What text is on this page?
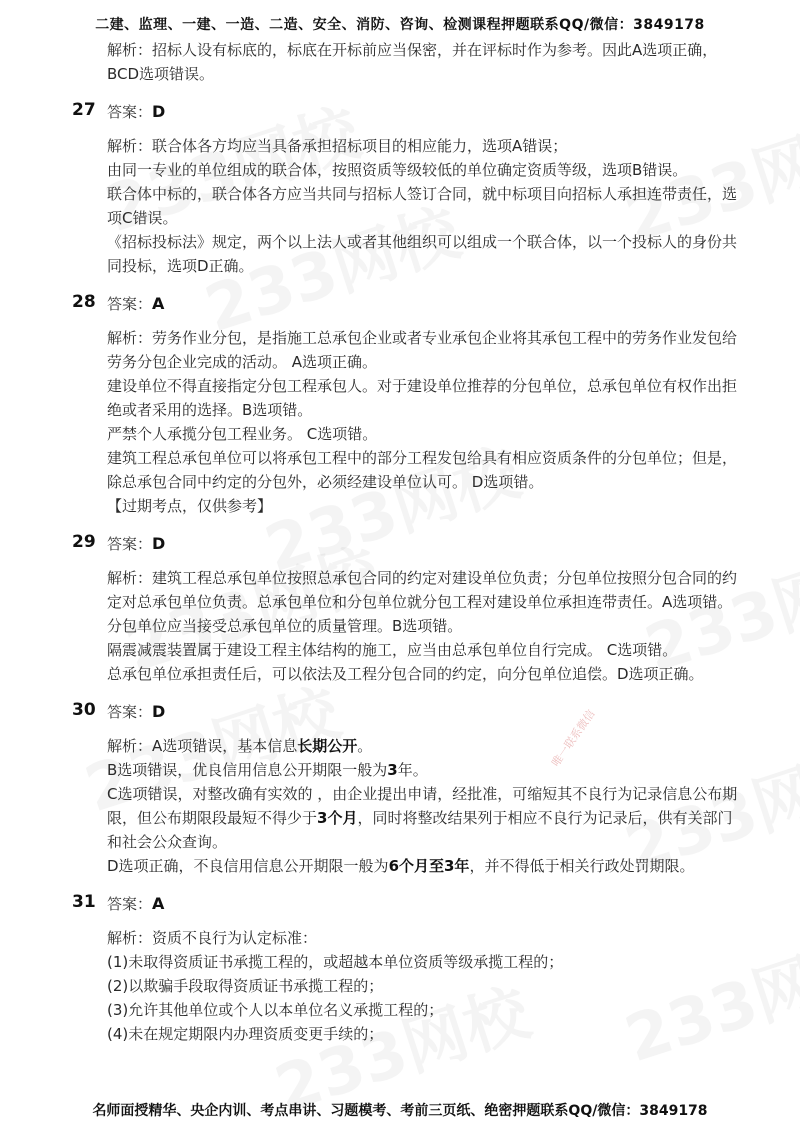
唯一联系微信
二建、监理、一建、一造、二造、安全、消防、咨询、检测课程押题联系QQ/微信：3849178

解析：招标人设有标底的，标底在开标前应当保密，并在评标时作为参考。因此A选项正确，BCD选项错误。

27 答案：D

解析：联合体各方均应当具备承担招标项目的相应能力，选项A错误；

由同一专业的单位组成的联合体，按照资质等级较低的单位确定资质等级，选项B错误。

联合体中标的，联合体各方应当共同与招标人签订合同，就中标项目向招标人承担连带责任，选项C错误。

《招标投标法》规定，两个以上法人或者其他组织可以组成一个联合体，以一个投标人的身份共同投标，选项D正确。

28 答案：A

解析：劳务作业分包，是指施工总承包企业或者专业承包企业将其承包工程中的劳务作业发包给劳务分包企业完成的活动。 A选项正确。

建设单位不得直接指定分包工程承包人。对于建设单位推荐的分包单位，总承包单位有权作出拒绝或者采用的选择。B选项错。

严禁个人承揽分包工程业务。 C选项错。

建筑工程总承包单位可以将承包工程中的部分工程发包给具有相应资质条件的分包单位；但是，除总承包合同中约定的分包外，必须经建设单位认可。 D选项错。

【过期考点，仅供参考】

29 答案：D

解析：建筑工程总承包单位按照总承包合同的约定对建设单位负责；分包单位按照分包合同的约定对总承包单位负责。总承包单位和分包单位就分包工程对建设单位承担连带责任。A选项错。

分包单位应当接受总承包单位的质量管理。B选项错。

隔震减震装置属于建设工程主体结构的施工，应当由总承包单位自行完成。 C选项错。

总承包单位承担责任后，可以依法及工程分包合同的约定，向分包单位追偿。D选项正确。

30 答案：D

解析：A选项错误，基本信息长期公开。

B选项错误，优良信用信息公开期限一般为3年。

C选项错误，对整改确有实效的 ，由企业提出申请，经批准，可缩短其不良行为记录信息公布期限，但公布期限段最短不得少于3个月，同时将整改结果列于相应不良行为记录后，供有关部门和社会公众查询。

D选项正确，不良信用信息公开期限一般为6个月至3年，并不得低于相关行政处罚期限。

31 答案：A

解析：资质不良行为认定标准：

(1)未取得资质证书承揽工程的，或超越本单位资质等级承揽工程的；

(2)以欺骗手段取得资质证书承揽工程的；

(3)允许其他单位或个人以本单位名义承揽工程的；

(4)未在规定期限内办理资质变更手续的；

名师面授精华、央企内训、考点串讲、习题模考、考前三页纸、绝密押题联系QQ/微信：3849178
